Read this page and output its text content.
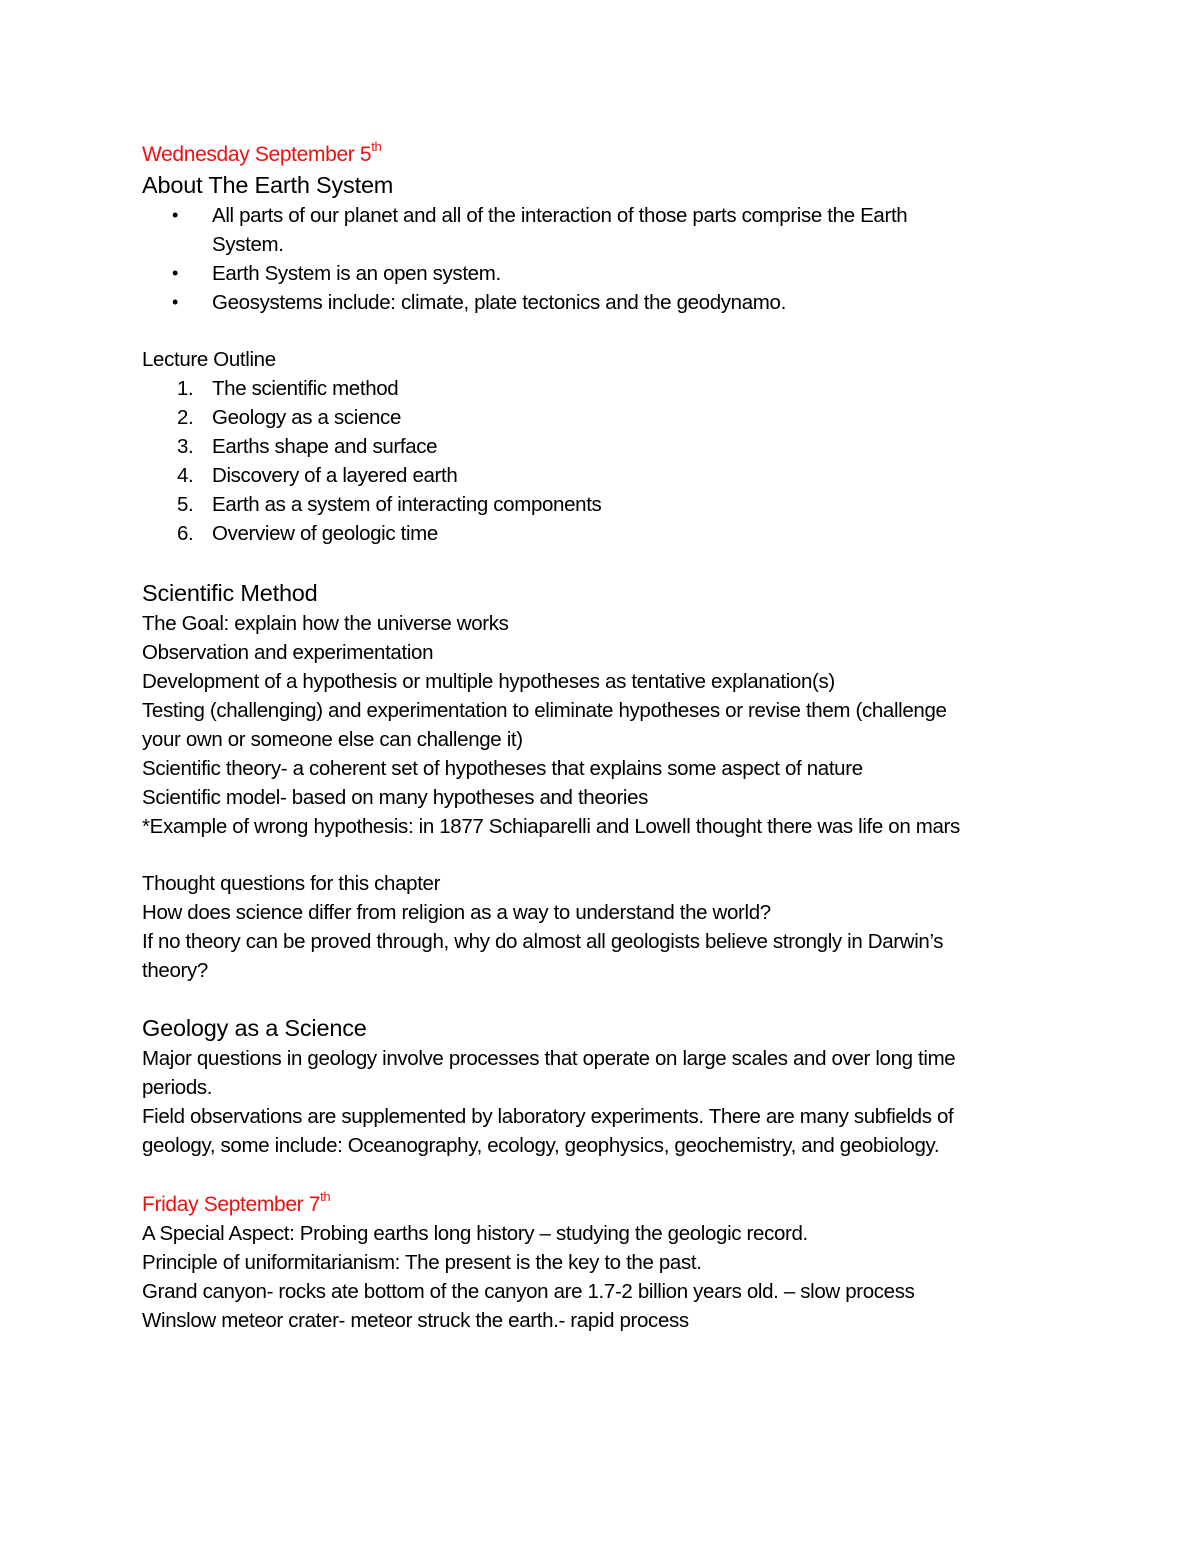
Wednesday September 5th
About The Earth System
• All parts of our planet and all of the interaction of those parts comprise the Earth
System.
• Earth System is an open system.
• Geosystems include: climate, plate tectonics and the geodynamo.
Lecture Outline
1. The scientific method
2. Geology as a science
3. Earths shape and surface
4. Discovery of a layered earth
5. Earth as a system of interacting components
6. Overview of geologic time
Scientific Method
The Goal: explain how the universe works
Observation and experimentation
Development of a hypothesis or multiple hypotheses as tentative explanation(s)
Testing (challenging) and experimentation to eliminate hypotheses or revise them (challenge
your own or someone else can challenge it)
Scientific theory- a coherent set of hypotheses that explains some aspect of nature
Scientific model- based on many hypotheses and theories
*Example of wrong hypothesis: in 1877 Schiaparelli and Lowell thought there was life on mars
Thought questions for this chapter
How does science differ from religion as a way to understand the world?
If no theory can be proved through, why do almost all geologists believe strongly in Darwin’s
theory?
Geology as a Science
Major questions in geology involve processes that operate on large scales and over long time
periods.
Field observations are supplemented by laboratory experiments. There are many subfields of
geology, some include: Oceanography, ecology, geophysics, geochemistry, and geobiology.
Friday September 7th
A Special Aspect: Probing earths long history – studying the geologic record.
Principle of uniformitarianism: The present is the key to the past.
Grand canyon- rocks ate bottom of the canyon are 1.7-2 billion years old. – slow process
Winslow meteor crater- meteor struck the earth.- rapid process
